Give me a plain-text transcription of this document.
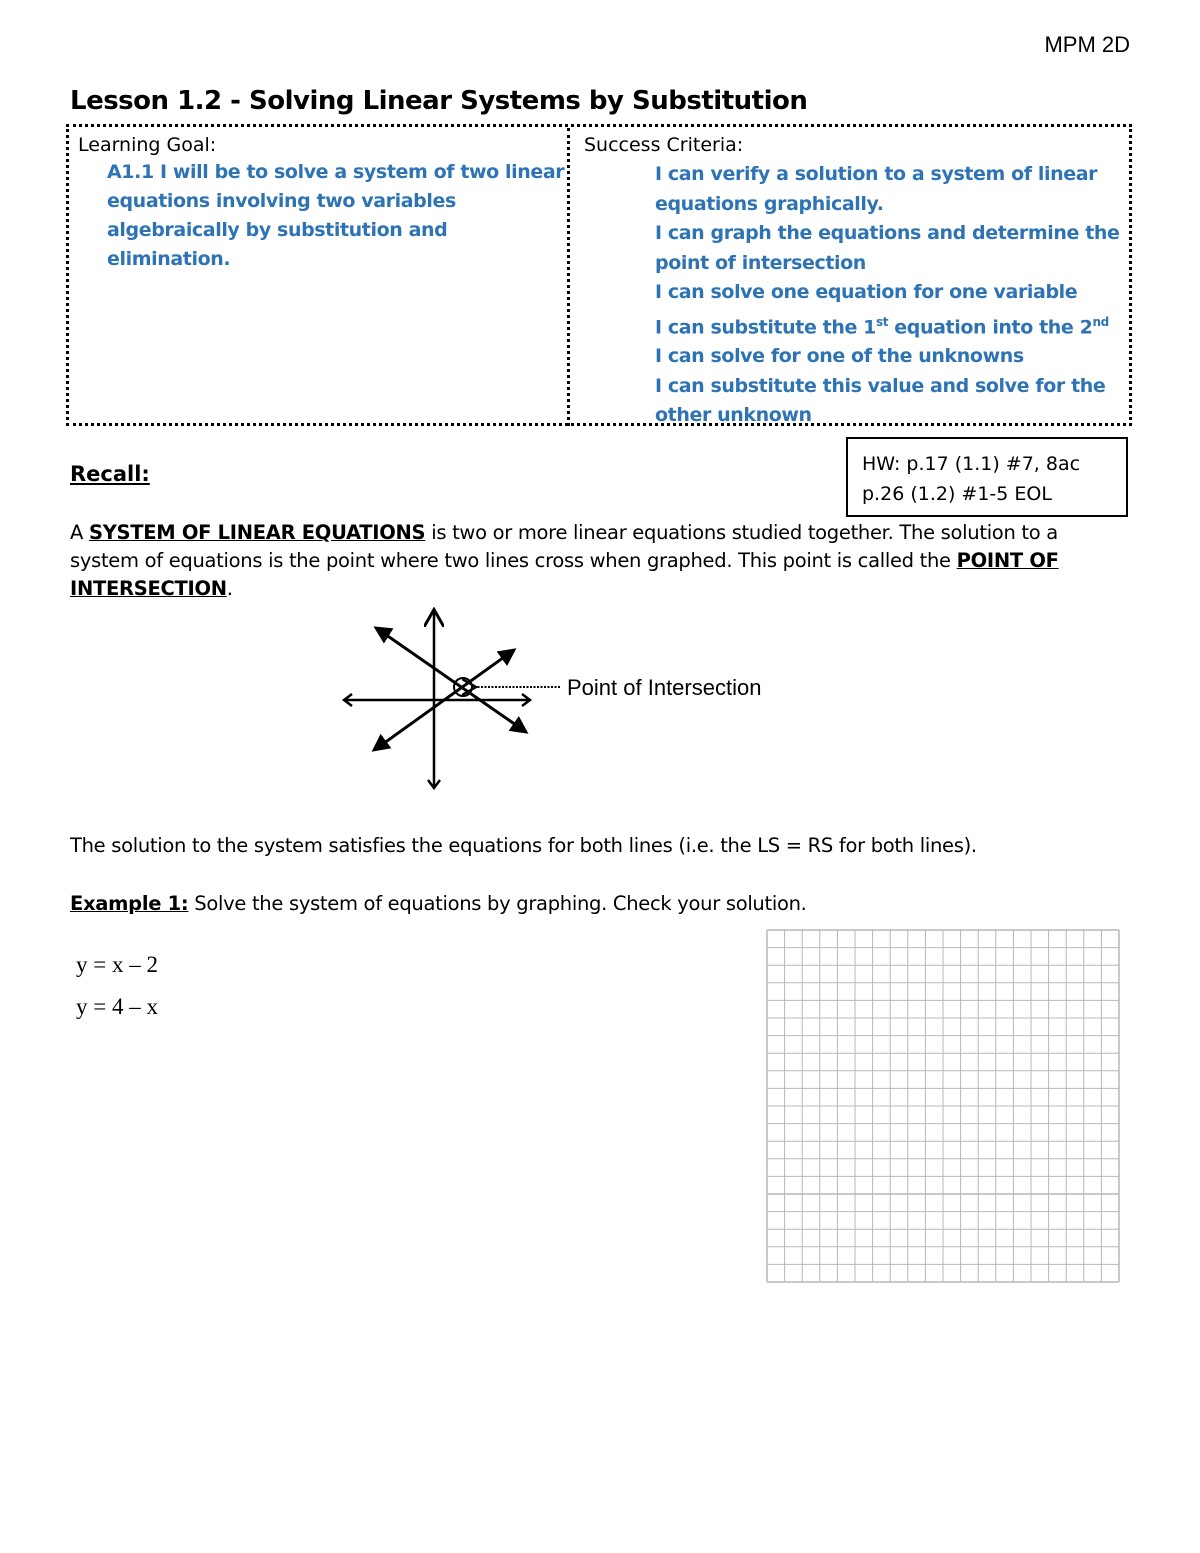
MPM 2D
Lesson 1.2 - Solving Linear Systems by Substitution
Learning Goal:
A1.1 I will be to solve a system of two linear equations involving two variables algebraically by substitution and elimination.
Success Criteria:
I can verify a solution to a system of linear equations graphically.
I can graph the equations and determine the point of intersection
I can solve one equation for one variable
I can substitute the 1st equation into the 2nd
I can solve for one of the unknowns
I can substitute this value and solve for the other unknown
HW: p.17 (1.1) #7, 8ac
p.26 (1.2) #1-5 EOL
Recall:
A SYSTEM OF LINEAR EQUATIONS is two or more linear equations studied together. The solution to a system of equations is the point where two lines cross when graphed. This point is called the POINT OF INTERSECTION.
Point of Intersection
The solution to the system satisfies the equations for both lines (i.e. the LS = RS for both lines).
Example 1: Solve the system of equations by graphing. Check your solution.
y = x – 2
y = 4 – x
